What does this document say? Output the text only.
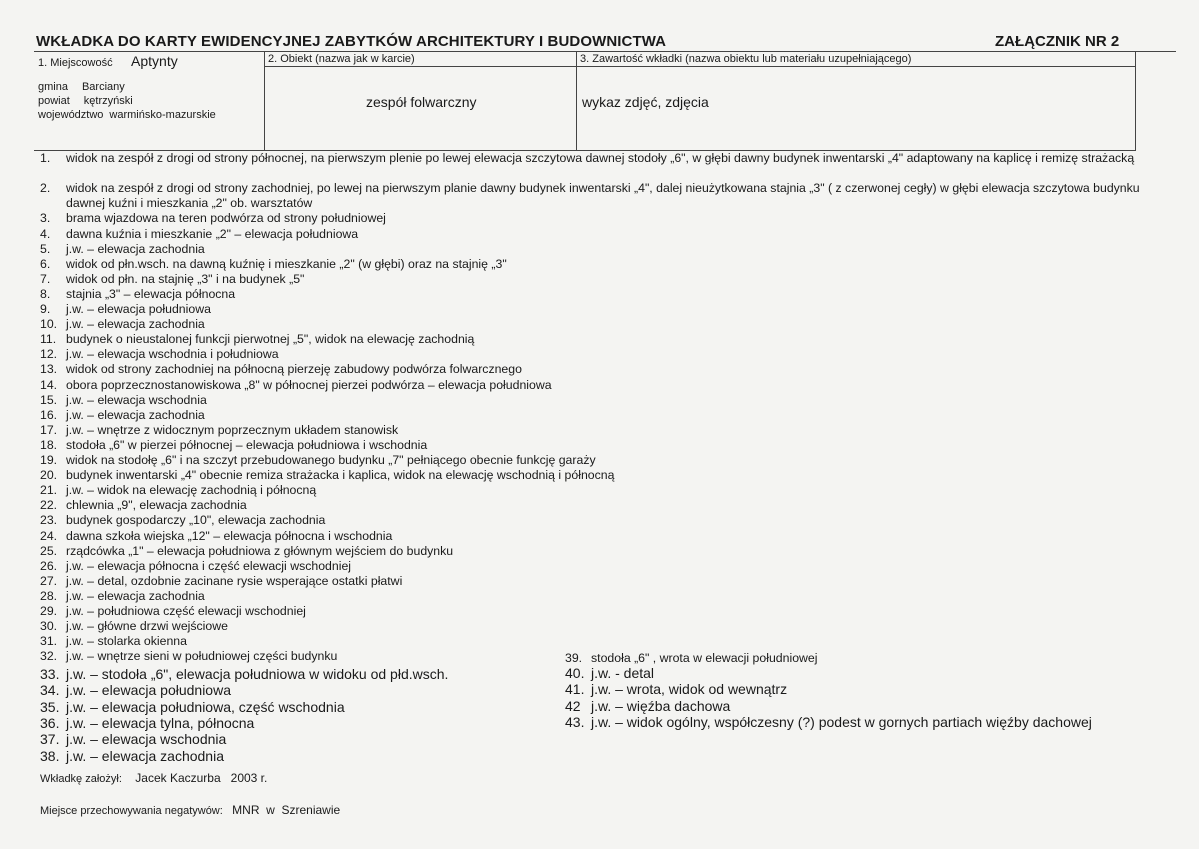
WKŁADKA DO KARTY EWIDENCYJNEJ ZABYTKÓW ARCHITEKTURY I BUDOWNICTWA	ZAŁĄCZNIK NR 2
1. Miejscowość Aptynty
gmina Barciany
powiat kętrzyński
województwo warmińsko-mazurskie
2. Obiekt (nazwa jak w karcie)
zespół folwarczny
3. Zawartość wkładki (nazwa obiektu lub materiału uzupełniającego)
wykaz zdjęć, zdjęcia
1.	widok na zespół z drogi od strony północnej, na pierwszym plenie po lewej elewacja szczytowa dawnej stodoły „6", w głębi dawny budynek inwentarski „4" adaptowany na kaplicę i remizę strażacką
2.	widok na zespół z drogi od strony zachodniej, po lewej na pierwszym planie dawny budynek inwentarski „4", dalej nieużytkowana stajnia „3" ( z czerwonej cegły) w głębi elewacja szczytowa budynku dawnej kuźni i mieszkania „2" ob. warsztatów
3. brama wjazdowa na teren podwórza od strony południowej
4. dawna kuźnia i mieszkanie „2" – elewacja południowa
5. j.w. – elewacja zachodnia
6. widok od płn.wsch. na dawną kuźnię i mieszkanie „2" (w głębi) oraz na stajnię „3"
7. widok od płn. na stajnię „3" i na budynek „5"
8. stajnia „3" – elewacja północna
9. j.w. – elewacja południowa
10. j.w. – elewacja zachodnia
11. budynek o nieustalonej funkcji pierwotnej „5", widok na elewację zachodnią
12. j.w. – elewacja wschodnia i południowa
13. widok od strony zachodniej na północną pierzeję zabudowy podwórza folwarcznego
14. obora poprzecznostanowiskowa „8" w północnej pierzei podwórza – elewacja południowa
15. j.w. – elewacja wschodnia
16. j.w. – elewacja zachodnia
17. j.w. – wnętrze z widocznym poprzecznym układem stanowisk
18. stodoła „6" w pierzei północnej – elewacja południowa i wschodnia
19. widok na stodołę „6" i na szczyt przebudowanego budynku „7" pełniącego obecnie funkcję garaży
20. budynek inwentarski „4" obecnie remiza strażacka i kaplica, widok na elewację wschodnią i północną
21. j.w. – widok na elewację zachodnią i północną
22. chlewnia „9", elewacja zachodnia
23. budynek gospodarczy „10", elewacja zachodnia
24. dawna szkoła wiejska „12" – elewacja północna i wschodnia
25. rządcówka „1" – elewacja południowa z głównym wejściem do budynku
26. j.w. – elewacja północna i część elewacji wschodniej
27. j.w. – detal, ozdobnie zacinane rysie wsperające ostatki płatwi
28. j.w. – elewacja zachodnia
29. j.w. – południowa część elewacji wschodniej
30. j.w. – główne drzwi wejściowe
31. j.w. – stolarka okienna
32. j.w. – wnętrze sieni w południowej części budynku
33. j.w. – stodoła „6", elewacja południowa w widoku od płd.wsch.
34. j.w. – elewacja południowa
35. j.w. – elewacja południowa, część wschodnia
36. j.w. – elewacja tylna, północna
37. j.w. – elewacja wschodnia
38. j.w. – elewacja zachodnia
39. stodoła „6" , wrota w elewacji południowej
40. j.w. - detal
41. j.w. – wrota, widok od wewnątrz
42 j.w. – więźba dachowa
43. j.w. – widok ogólny, współczesny (?) podest w gornych partiach więźby dachowej
Wkładkę założył: Jacek Kaczurba   2003 r.
Miejsce przechowywania negatywów: MNR  w  Szreniawie
